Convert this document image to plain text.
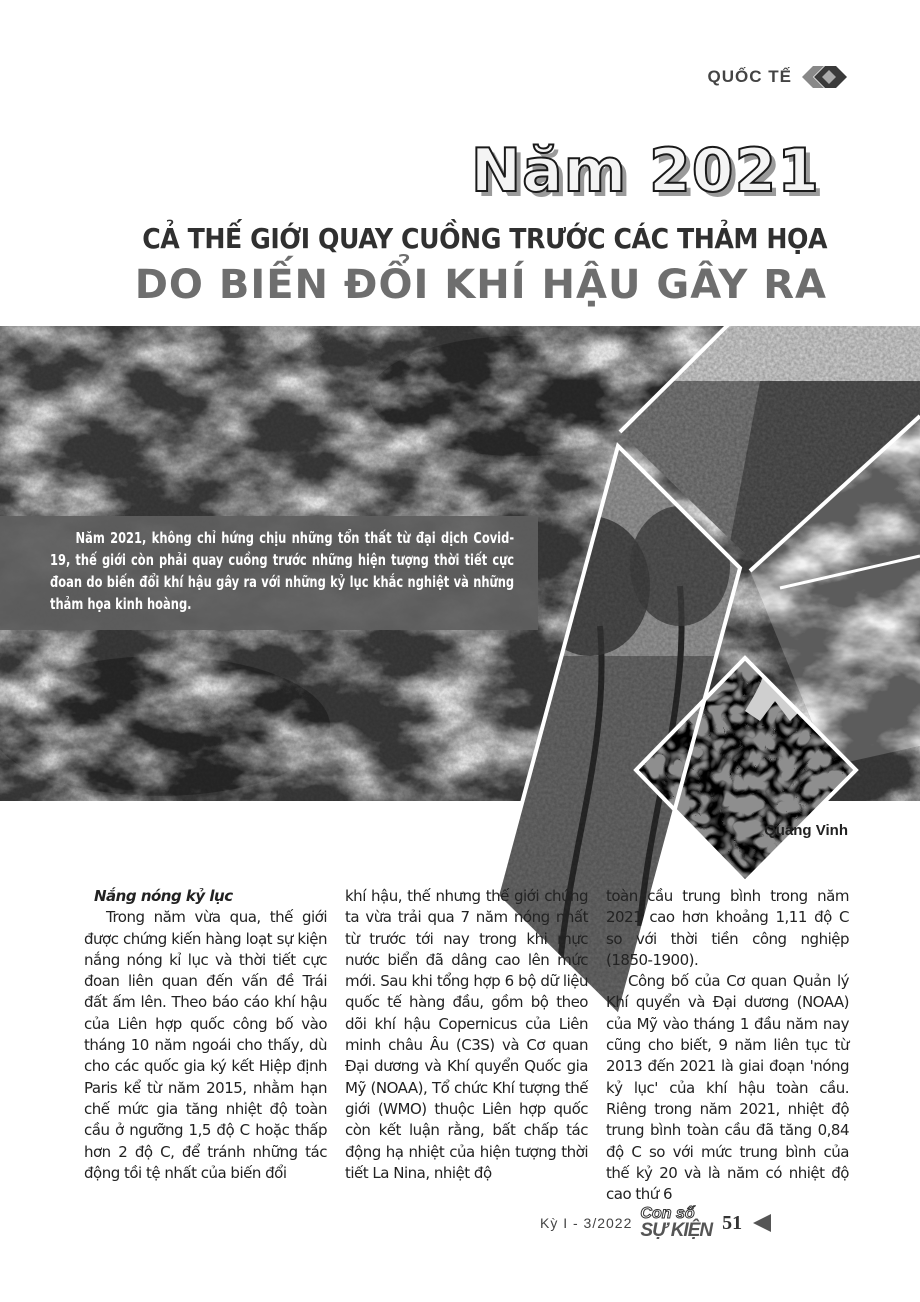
QUỐC TẾ
Năm 2021
CẢ THẾ GIỚI QUAY CUỒNG TRƯỚC CÁC THẢM HỌA
DO BIẾN ĐỔI KHÍ HẬU GÂY RA

Năm 2021, không chỉ hứng chịu những tổn thất từ đại dịch Covid-19, thế giới còn phải quay cuồng trước những hiện tượng thời tiết cực đoan do biến đổi khí hậu gây ra với những kỷ lục khắc nghiệt và những thảm họa kinh hoàng.

Quang Vinh

Nắng nóng kỷ lục

Trong năm vừa qua, thế giới được chứng kiến hàng loạt sự kiện nắng nóng kỉ lục và thời tiết cực đoan liên quan đến vấn đề Trái đất ấm lên. Theo báo cáo khí hậu của Liên hợp quốc công bố vào tháng 10 năm ngoái cho thấy, dù cho các quốc gia ký kết Hiệp định Paris kể từ năm 2015, nhằm hạn chế mức gia tăng nhiệt độ toàn cầu ở ngưỡng 1,5 độ C hoặc thấp hơn 2 độ C, để tránh những tác động tồi tệ nhất của biến đổi

khí hậu, thế nhưng thế giới chúng ta vừa trải qua 7 năm nóng nhất từ trước tới nay trong khi mực nước biển đã dâng cao lên mức mới. Sau khi tổng hợp 6 bộ dữ liệu quốc tế hàng đầu, gồm bộ theo dõi khí hậu Copernicus của Liên minh châu Âu (C3S) và Cơ quan Đại dương và Khí quyển Quốc gia Mỹ (NOAA), Tổ chức Khí tượng thế giới (WMO) thuộc Liên hợp quốc còn kết luận rằng, bất chấp tác động hạ nhiệt của hiện tượng thời tiết La Nina, nhiệt độ

toàn cầu trung bình trong năm 2021 cao hơn khoảng 1,11 độ C so với thời tiền công nghiệp (1850-1900).

Công bố của Cơ quan Quản lý Khí quyển và Đại dương (NOAA) của Mỹ vào tháng 1 đầu năm nay cũng cho biết, 9 năm liên tục từ 2013 đến 2021 là giai đoạn 'nóng kỷ lục' của khí hậu toàn cầu. Riêng trong năm 2021, nhiệt độ trung bình toàn cầu đã tăng 0,84 độ C so với mức trung bình của thế kỷ 20 và là năm có nhiệt độ cao thứ 6

Kỳ I - 3/2022
Con số
SỰ KIỆN 51
